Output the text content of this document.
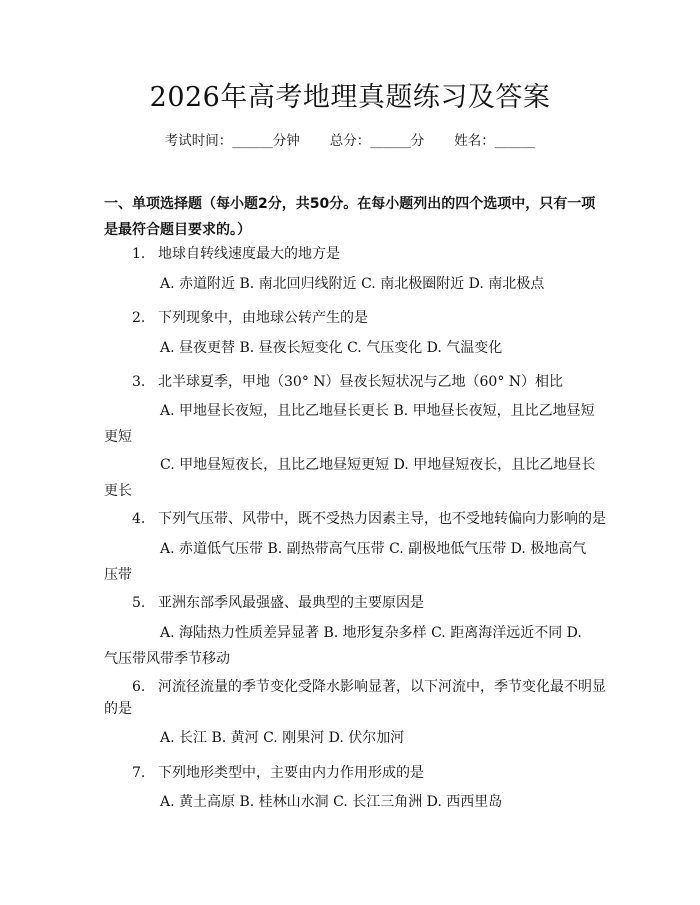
2026年高考地理真题练习及答案
考试时间：______分钟 总分：______分 姓名：______
一、单项选择题（每小题2分，共50分。在每小题列出的四个选项中，只有一项是最符合题目要求的。）
1. 地球自转线速度最大的地方是
A. 赤道附近 B. 南北回归线附近 C. 南北极圈附近 D. 南北极点
2. 下列现象中，由地球公转产生的是
A. 昼夜更替 B. 昼夜长短变化 C. 气压变化 D. 气温变化
3. 北半球夏季，甲地（30° N）昼夜长短状况与乙地（60° N）相比
A. 甲地昼长夜短，且比乙地昼长更长 B. 甲地昼长夜短，且比乙地昼短更短
C. 甲地昼短夜长，且比乙地昼短更短 D. 甲地昼短夜长，且比乙地昼长更长
4. 下列气压带、风带中，既不受热力因素主导，也不受地转偏向力影响的是
A. 赤道低气压带 B. 副热带高气压带 C. 副极地低气压带 D. 极地高气压带
5. 亚洲东部季风最强盛、最典型的主要原因是
A. 海陆热力性质差异显著 B. 地形复杂多样 C. 距离海洋远近不同 D. 气压带风带季节移动
6. 河流径流量的季节变化受降水影响显著，以下河流中，季节变化最不明显
的是
A. 长江 B. 黄河 C. 刚果河 D. 伏尔加河
7. 下列地形类型中，主要由内力作用形成的是
A. 黄土高原 B. 桂林山水洞 C. 长江三角洲 D. 西西里岛
